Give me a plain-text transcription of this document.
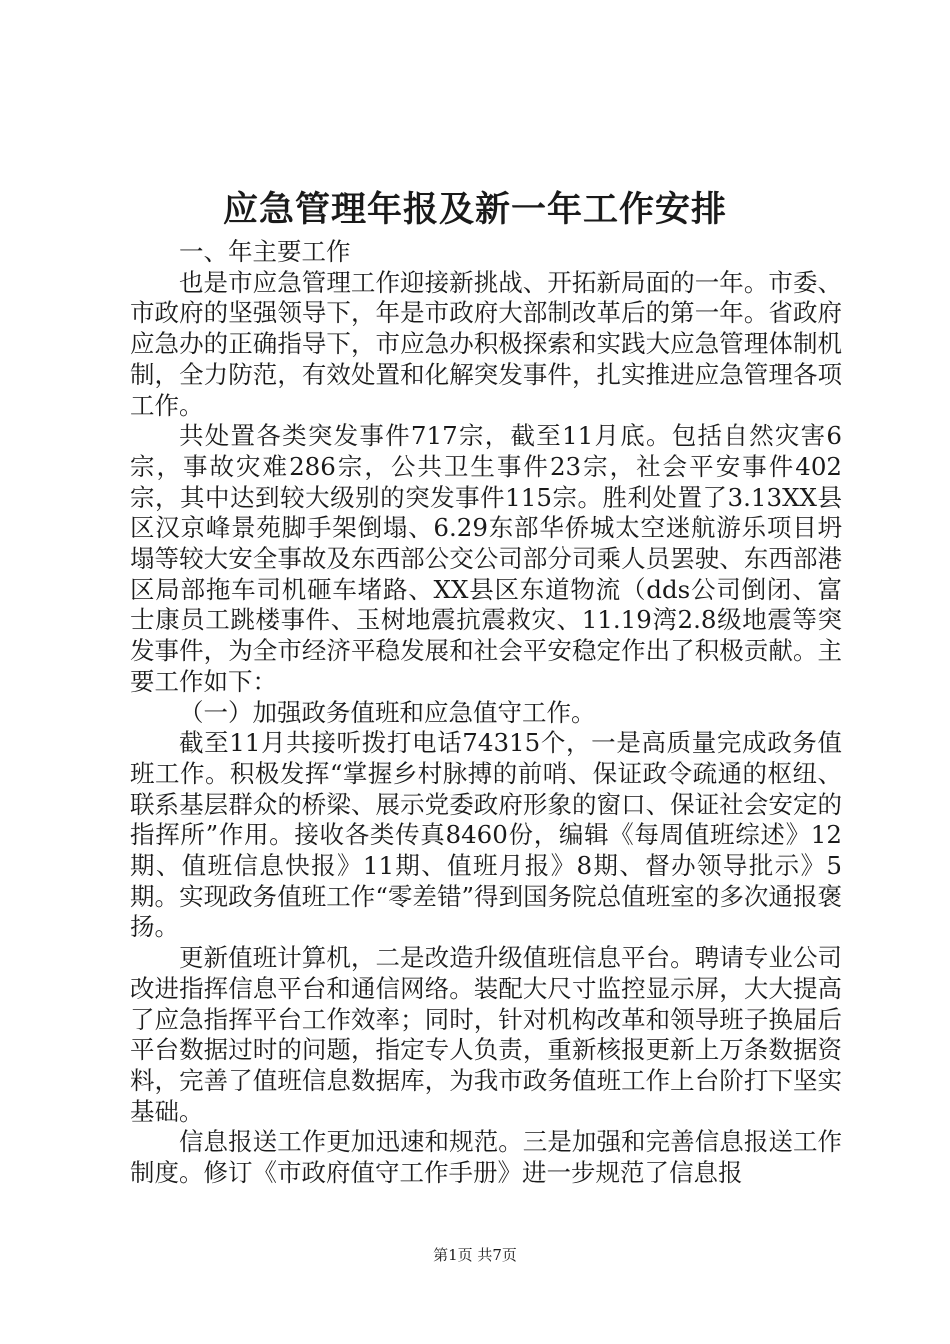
应急管理年报及新一年工作安排

一、年主要工作

也是市应急管理工作迎接新挑战、开拓新局面的一年。市委、市政府的坚强领导下，年是市政府大部制改革后的第一年。省政府应急办的正确指导下，市应急办积极探索和实践大应急管理体制机制，全力防范，有效处置和化解突发事件，扎实推进应急管理各项工作。

共处置各类突发事件717宗，截至11月底。包括自然灾害6宗，事故灾难286宗，公共卫生事件23宗，社会平安事件402宗，其中达到较大级别的突发事件115宗。胜利处置了3.13XX县区汉京峰景苑脚手架倒塌、6.29东部华侨城太空迷航游乐项目坍塌等较大安全事故及东西部公交公司部分司乘人员罢驶、东西部港区局部拖车司机砸车堵路、XX县区东道物流（dds公司倒闭、富士康员工跳楼事件、玉树地震抗震救灾、11.19湾2.8级地震等突发事件，为全市经济平稳发展和社会平安稳定作出了积极贡献。主要工作如下：

（一）加强政务值班和应急值守工作。

截至11月共接听拨打电话74315个，一是高质量完成政务值班工作。积极发挥“掌握乡村脉搏的前哨、保证政令疏通的枢纽、联系基层群众的桥梁、展示党委政府形象的窗口、保证社会安定的指挥所”作用。接收各类传真8460份，编辑《每周值班综述》12期、值班信息快报》11期、值班月报》8期、督办领导批示》5期。实现政务值班工作“零差错”得到国务院总值班室的多次通报褒扬。

更新值班计算机，二是改造升级值班信息平台。聘请专业公司改进指挥信息平台和通信网络。装配大尺寸监控显示屏，大大提高了应急指挥平台工作效率；同时，针对机构改革和领导班子换届后平台数据过时的问题，指定专人负责，重新核报更新上万条数据资料，完善了值班信息数据库，为我市政务值班工作上台阶打下坚实基础。

信息报送工作更加迅速和规范。三是加强和完善信息报送工作制度。修订《市政府值守工作手册》进一步规范了信息报

第1页 共7页
